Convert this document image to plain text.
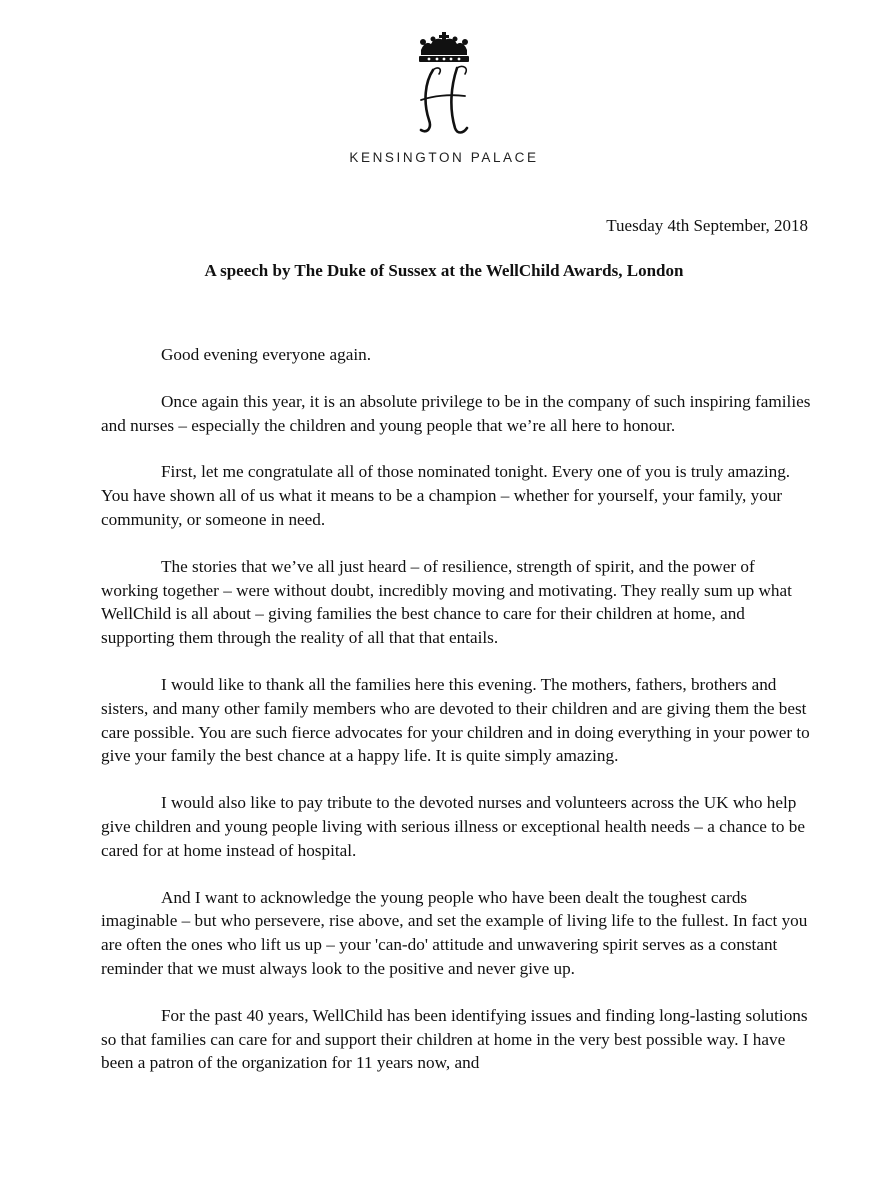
KENSINGTON PALACE
Tuesday 4th September, 2018
A speech by The Duke of Sussex at the WellChild Awards, London

Good evening everyone again.

Once again this year, it is an absolute privilege to be in the company of such inspiring families and nurses – especially the children and young people that we’re all here to honour.

First, let me congratulate all of those nominated tonight. Every one of you is truly amazing. You have shown all of us what it means to be a champion – whether for yourself, your family, your community, or someone in need.

The stories that we’ve all just heard – of resilience, strength of spirit, and the power of working together – were without doubt, incredibly moving and motivating. They really sum up what WellChild is all about – giving families the best chance to care for their children at home, and supporting them through the reality of all that that entails.

I would like to thank all the families here this evening. The mothers, fathers, brothers and sisters, and many other family members who are devoted to their children and are giving them the best care possible. You are such fierce advocates for your children and in doing everything in your power to give your family the best chance at a happy life. It is quite simply amazing.

I would also like to pay tribute to the devoted nurses and volunteers across the UK who help give children and young people living with serious illness or exceptional health needs – a chance to be cared for at home instead of hospital.

And I want to acknowledge the young people who have been dealt the toughest cards imaginable – but who persevere, rise above, and set the example of living life to the fullest. In fact you are often the ones who lift us up – your 'can-do' attitude and unwavering spirit serves as a constant reminder that we must always look to the positive and never give up.

For the past 40 years, WellChild has been identifying issues and finding long-lasting solutions so that families can care for and support their children at home in the very best possible way. I have been a patron of the organization for 11 years now, and
